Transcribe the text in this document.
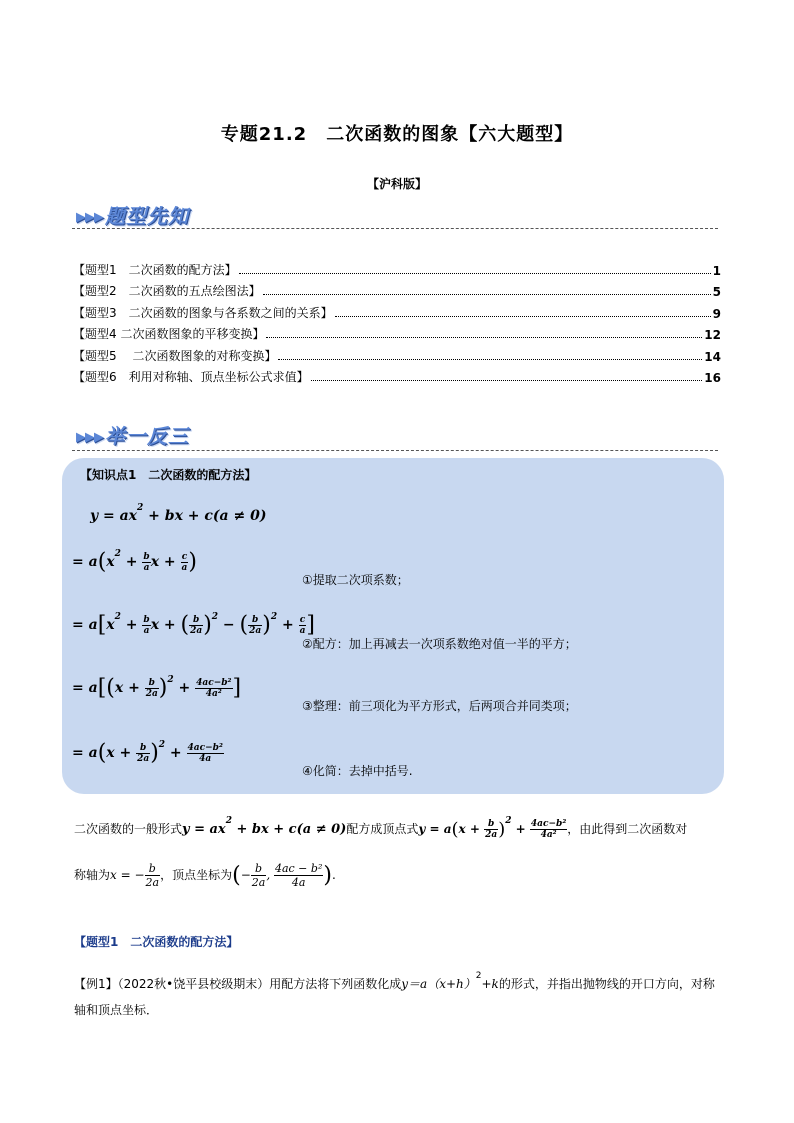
专题21.2　二次函数的图象【六大题型】
【沪科版】
▶▶▶ 题型先知
【题型1　二次函数的配方法】	1
【题型2　二次函数的五点绘图法】	5
【题型3　二次函数的图象与各系数之间的关系】	9
【题型4 二次函数图象的平移变换】	12
【题型5　 二次函数图象的对称变换】	14
【题型6　利用对称轴、顶点坐标公式求值】	16
▶▶▶ 举一反三
【知识点1　二次函数的配方法】
$y = ax^2$ + bx + c(a ≠ 0)
= $a(x^2 + \frac{b}{a}$ $x + \frac{c}{a}$ )
①提取二次项系数；
= $a[x^2 + \frac{b}{a}$ x + ( $\frac{b}{2a} )^2$ − ( $\frac{b}{2a} )^2 + \frac{c}{a}$ ]
②配方：加上再减去一次项系数绝对值一半的平方；
= $a[(x + \frac{b}{2a} )^2 + \frac{\text{4ac−b²}}{\text{4a²}}$ ]
③整理：前三项化为平方形式，后两项合并同类项；
= $a(x + \frac{b}{2a} )^2 + \frac{\text{4ac−b²}}{4a}$
④化简：去掉中括号.
二次函数的一般形式$y = ax^2$ + bx + c(a ≠ 0)配方成顶点式$y = a(x + \frac{b}{2a} )^2 + \frac{\text{4ac−b²}}{\text{4a²}}$ ，由此得到二次函数对
称轴为x = − $\frac{b}{2a}$ ，顶点坐标为(− $\frac{b}{2a}$ , $\frac{\text{4ac − b²}}{4a}$ ).
【题型1　二次函数的配方法】
【例1】（2022秋•饶平县校级期末）用配方法将下列函数化成$y=a(x+h)^2+k$的形式，并指出抛物线的开口方向，对称轴和顶点坐标．
